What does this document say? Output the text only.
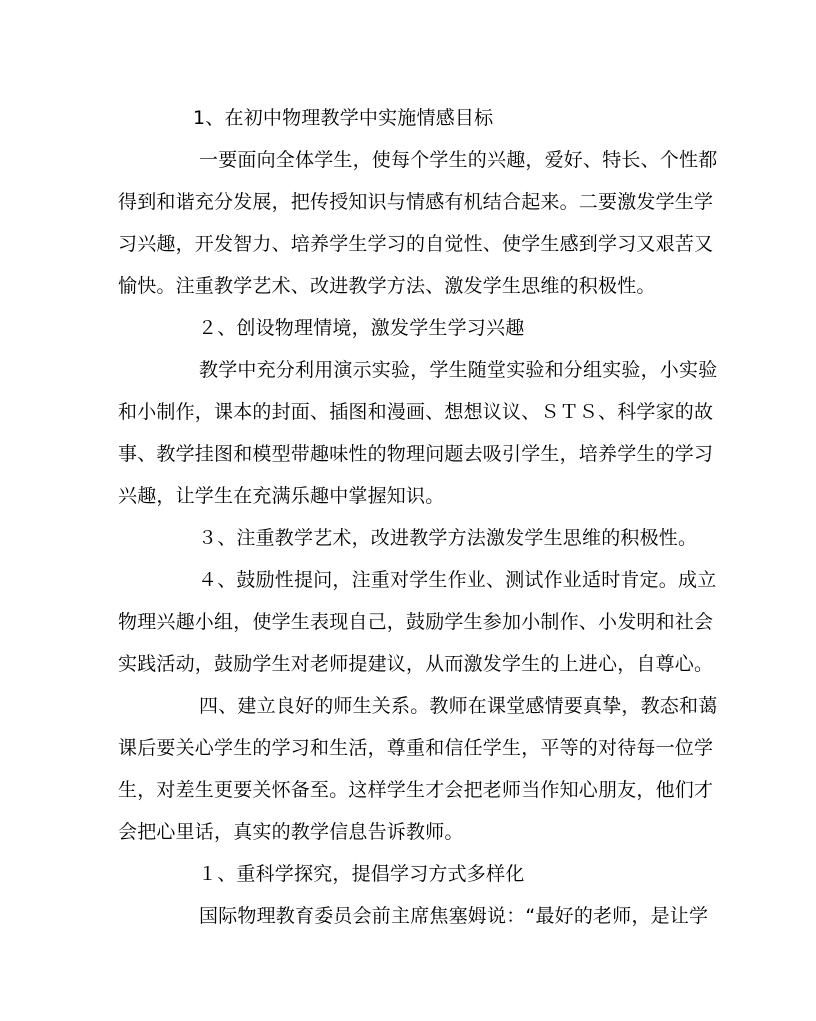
1、在初中物理教学中实施情感目标
一要面向全体学生，使每个学生的兴趣，爱好、特长、个性都
得到和谐充分发展，把传授知识与情感有机结合起来。二要激发学生学
习兴趣，开发智力、培养学生学习的自觉性、使学生感到学习又艰苦又
愉快。注重教学艺术、改进教学方法、激发学生思维的积极性。
２、创设物理情境，激发学生学习兴趣
教学中充分利用演示实验，学生随堂实验和分组实验，小实验
和小制作，课本的封面、插图和漫画、想想议议、ＳＴＳ、科学家的故
事、教学挂图和模型带趣味性的物理问题去吸引学生，培养学生的学习
兴趣，让学生在充满乐趣中掌握知识。
３、注重教学艺术，改进教学方法激发学生思维的积极性。
４、鼓励性提问，注重对学生作业、测试作业适时肯定。成立
物理兴趣小组，使学生表现自己，鼓励学生参加小制作、小发明和社会
实践活动，鼓励学生对老师提建议，从而激发学生的上进心，自尊心。
四、建立良好的师生关系。教师在课堂感情要真挚，教态和蔼
课后要关心学生的学习和生活，尊重和信任学生，平等的对待每一位学
生，对差生更要关怀备至。这样学生才会把老师当作知心朋友，他们才
会把心里话，真实的教学信息告诉教师。
１、重科学探究，提倡学习方式多样化
国际物理教育委员会前主席焦塞姆说：“最好的老师，是让学
